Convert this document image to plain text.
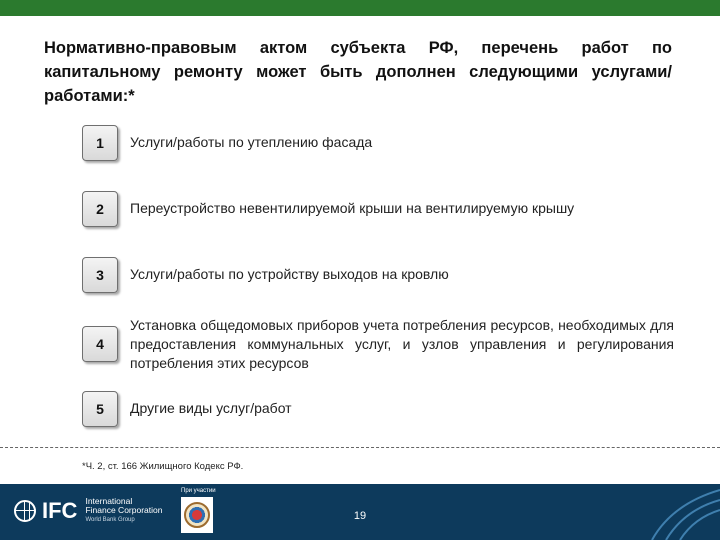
Нормативно-правовым актом субъекта РФ, перечень работ по капитальному ремонту может быть дополнен следующими услугами/работами:*
1	Услуги/работы по утеплению фасада
2	Переустройство невентилируемой крыши на вентилируемую крышу
3	Услуги/работы по устройству выходов на кровлю
4
Установка общедомовых приборов учета потребления ресурсов, необходимых для предоставления коммунальных услуг, и узлов управления и регулирования потребления этих ресурсов
5	Другие виды услуг/работ
*Ч. 2, ст. 166 Жилищного Кодекс РФ.
IFC International
Finance Corporation
World Bank Group
При участии
19
